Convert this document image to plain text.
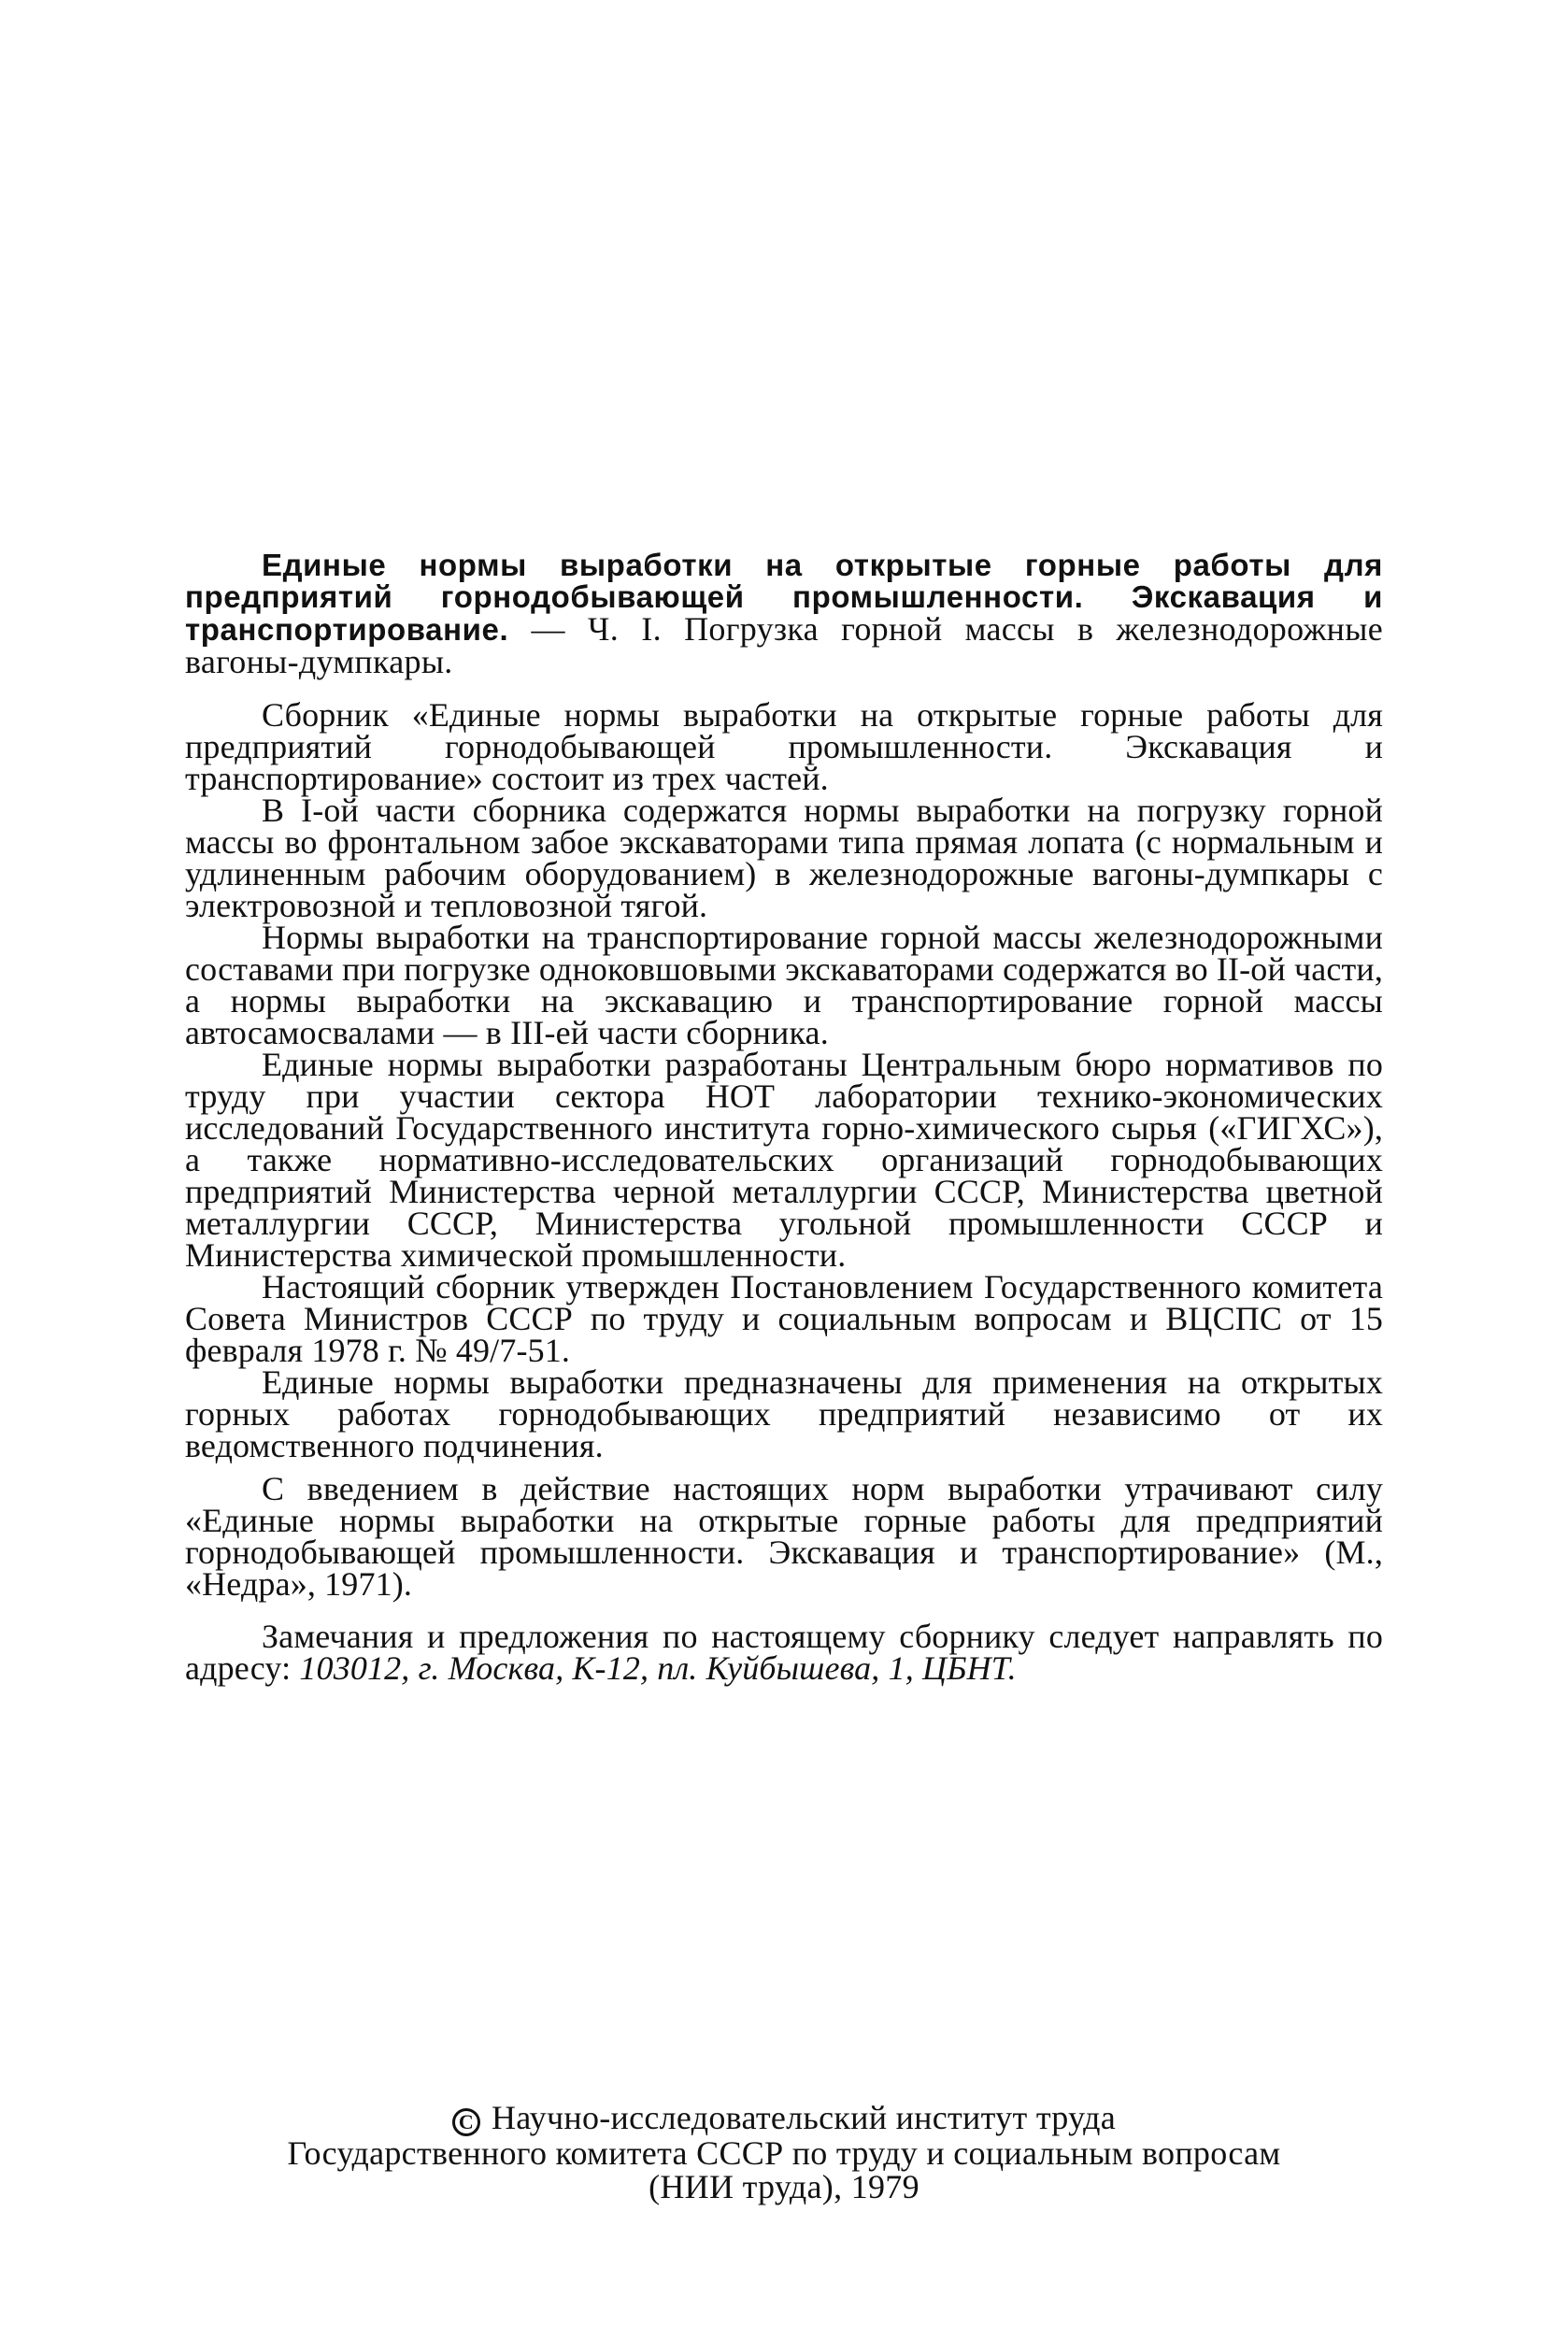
Единые нормы выработки на открытые горные работы для предприятий горнодобывающей промышленности. Экскавация и транспортирование. — Ч. I. Погрузка горной массы в железнодорожные вагоны-думпкары.

Сборник «Единые нормы выработки на открытые горные работы для предприятий горнодобывающей промышленности. Экскавация и транспортирование» состоит из трех частей.

В I-ой части сборника содержатся нормы выработки на погрузку горной массы во фронтальном забое экскаваторами типа прямая лопата (с нормальным и удлиненным рабочим оборудованием) в железнодорожные вагоны-думпкары с электровозной и тепловозной тягой.

Нормы выработки на транспортирование горной массы железнодорожными составами при погрузке одноковшовыми экскаваторами содержатся во II-ой части, а нормы выработки на экскавацию и транспортирование горной массы автосамосвалами — в III-ей части сборника.

Единые нормы выработки разработаны Центральным бюро нормативов по труду при участии сектора НОТ лаборатории технико-экономических исследований Государственного института горно-химического сырья («ГИГХС»), а также нормативно-исследовательских организаций горнодобывающих предприятий Министерства черной металлургии СССР, Министерства цветной металлургии СССР, Министерства угольной промышленности СССР и Министерства химической промышленности.

Настоящий сборник утвержден Постановлением Государственного комитета Совета Министров СССР по труду и социальным вопросам и ВЦСПС от 15 февраля 1978 г. № 49/7-51.

Единые нормы выработки предназначены для применения на открытых горных работах горнодобывающих предприятий независимо от их ведомственного подчинения.

С введением в действие настоящих норм выработки утрачивают силу «Единые нормы выработки на открытые горные работы для предприятий горнодобывающей промышленности. Экскавация и транспортирование» (М., «Недра», 1971).

Замечания и предложения по настоящему сборнику следует направлять по адресу: 103012, г. Москва, К-12, пл. Куйбышева, 1, ЦБНТ.

C Научно-исследовательский институт труда
Государственного комитета СССР по труду и социальным вопросам
(НИИ труда), 1979
